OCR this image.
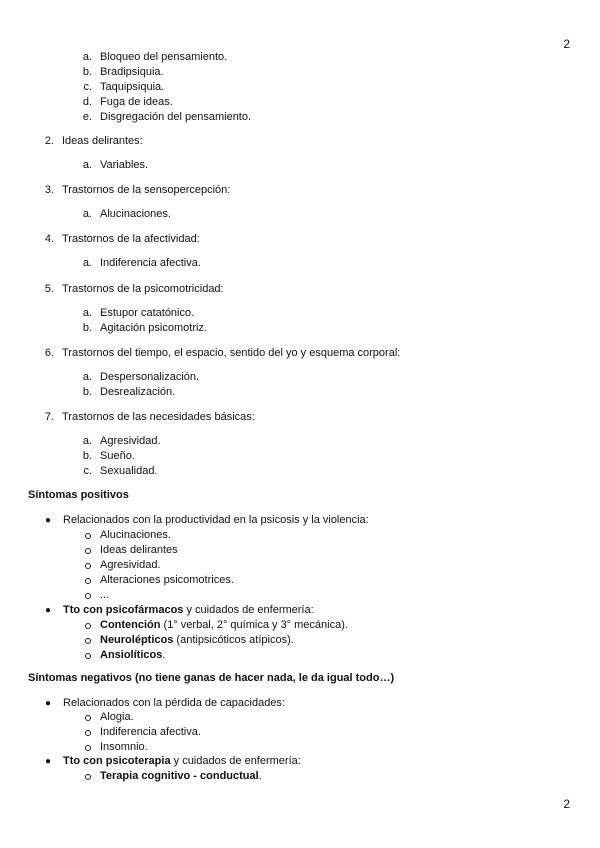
2
a. Bloqueo del pensamiento.
b. Bradipsiquia.
c. Taquipsiquia.
d. Fuga de ideas.
e. Disgregación del pensamiento.
2. Ideas delirantes:
a. Variables.
3. Trastornos de la sensopercepción:
a. Alucinaciones.
4. Trastornos de la afectividad:
a. Indiferencia afectiva.
5. Trastornos de la psicomotricidad:
a. Estupor catatónico.
b. Agitación psicomotriz.
6. Trastornos del tiempo, el espacio, sentido del yo y esquema corporal:
a. Despersonalización.
b. Desrealización.
7. Trastornos de las necesidades básicas:
a. Agresividad.
b. Sueño.
c. Sexualidad.
Síntomas positivos
● Relacionados con la productividad en la psicosis y la violencia:
Alucinaciones.
Ideas delirantes
Agresividad.
Alteraciones psicomotrices.
...
● Tto con psicofármacos y cuidados de enfermería:
Contención (1° verbal, 2° química y 3° mecánica).
Neurolépticos (antipsicóticos atípicos).
Ansiolíticos.
Síntomas negativos (no tiene ganas de hacer nada, le da igual todo…)
● Relacionados con la pérdida de capacidades:
Alogia.
Indiferencia afectiva.
Insomnio.
● Tto con psicoterapia y cuidados de enfermería:
Terapia cognitivo - conductual.
2
